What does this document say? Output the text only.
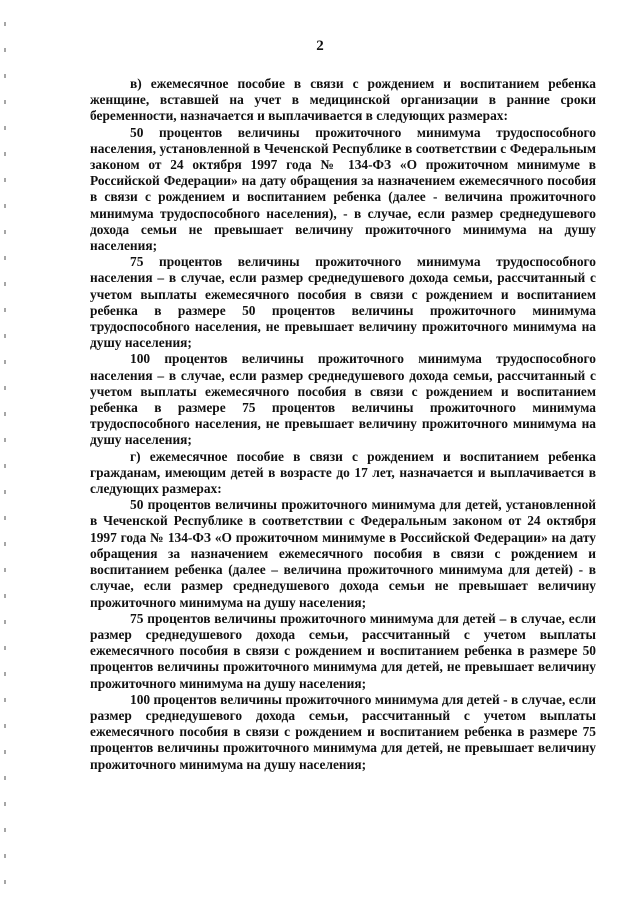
2

в) ежемесячное пособие в связи с рождением и воспитанием ребенка женщине, вставшей на учет в медицинской организации в ранние сроки беременности, назначается и выплачивается в следующих размерах:

50 процентов величины прожиточного минимума трудоспособного населения, установленной в Чеченской Республике в соответствии с Федеральным законом от 24 октября 1997 года № 134-ФЗ «О прожиточном минимуме в Российской Федерации» на дату обращения за назначением ежемесячного пособия в связи с рождением и воспитанием ребенка (далее - величина прожиточного минимума трудоспособного населения), - в случае, если размер среднедушевого дохода семьи не превышает величину прожиточного минимума на душу населения;

75 процентов величины прожиточного минимума трудоспособного населения – в случае, если размер среднедушевого дохода семьи, рассчитанный с учетом выплаты ежемесячного пособия в связи с рождением и воспитанием ребенка в размере 50 процентов величины прожиточного минимума трудоспособного населения, не превышает величину прожиточного минимума на душу населения;

100 процентов величины прожиточного минимума трудоспособного населения – в случае, если размер среднедушевого дохода семьи, рассчитанный с учетом выплаты ежемесячного пособия в связи с рождением и воспитанием ребенка в размере 75 процентов величины прожиточного минимума трудоспособного населения, не превышает величину прожиточного минимума на душу населения;

г) ежемесячное пособие в связи с рождением и воспитанием ребенка гражданам, имеющим детей в возрасте до 17 лет, назначается и выплачивается в следующих размерах:

50 процентов величины прожиточного минимума для детей, установленной в Чеченской Республике в соответствии с Федеральным законом от 24 октября 1997 года № 134-ФЗ «О прожиточном минимуме в Российской Федерации» на дату обращения за назначением ежемесячного пособия в связи с рождением и воспитанием ребенка (далее – величина прожиточного минимума для детей) - в случае, если размер среднедушевого дохода семьи не превышает величину прожиточного минимума на душу населения;

75 процентов величины прожиточного минимума для детей – в случае, если размер среднедушевого дохода семьи, рассчитанный с учетом выплаты ежемесячного пособия в связи с рождением и воспитанием ребенка в размере 50 процентов величины прожиточного минимума для детей, не превышает величину прожиточного минимума на душу населения;

100 процентов величины прожиточного минимума для детей - в случае, если размер среднедушевого дохода семьи, рассчитанный с учетом выплаты ежемесячного пособия в связи с рождением и воспитанием ребенка в размере 75 процентов величины прожиточного минимума для детей, не превышает величину прожиточного минимума на душу населения;
